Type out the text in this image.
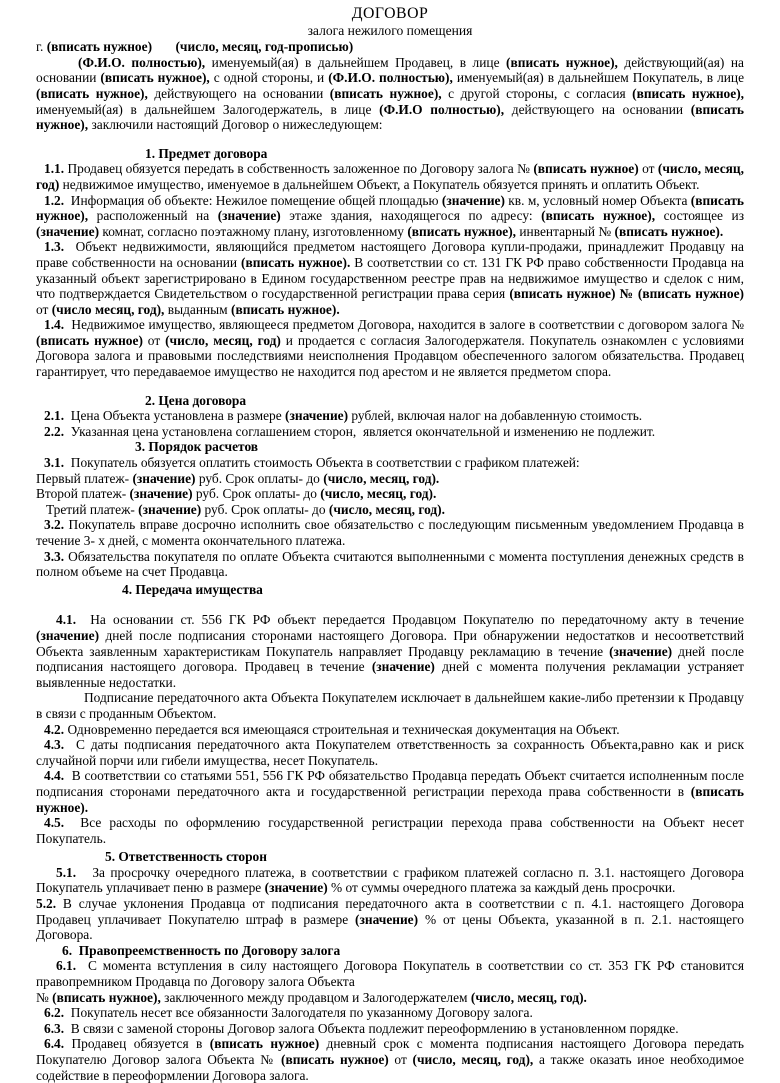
ДОГОВОР
залога нежилого помещения
г. (вписать нужное) (число, месяц, год-прописью)
(Ф.И.О. полностью), именуемый(ая) в дальнейшем Продавец, в лице (вписать нужное), действующий(ая) на основании (вписать нужное), с одной стороны, и (Ф.И.О. полностью), именуемый(ая) в дальнейшем Покупатель, в лице (вписать нужное), действующего на основании (вписать нужное), с другой стороны, с согласия (вписать нужное), именуемый(ая) в дальнейшем Залогодержатель, в лице (Ф.И.О полностью), действующего на основании (вписать нужное), заключили настоящий Договор о нижеследующем:
1. Предмет договора
1.1. Продавец обязуется передать в собственность заложенное по Договору залога № (вписать нужное) от (число, месяц, год) недвижимое имущество, именуемое в дальнейшем Объект, а Покупатель обязуется принять и оплатить Объект.
1.2.  Информация об объекте: Нежилое помещение общей площадью (значение) кв. м, условный номер Объекта (вписать нужное), расположенный на (значение) этаже здания, находящегося по адресу: (вписать нужное), состоящее из (значение) комнат, согласно поэтажному плану, изготовленному (вписать нужное), инвентарный № (вписать нужное).
1.3.  Объект недвижимости, являющийся предметом настоящего Договора купли-продажи, принадлежит Продавцу на праве собственности на основании (вписать нужное). В соответствии со ст. 131 ГК РФ право собственности Продавца на указанный объект зарегистрировано в Едином государственном реестре прав на недвижимое имущество и сделок с ним, что подтверждается Свидетельством о государственной регистрации права серия (вписать нужное) № (вписать нужное) от (число месяц, год), выданным (вписать нужное).
1.4.  Недвижимое имущество, являющееся предметом Договора, находится в залоге в соответствии с договором залога № (вписать нужное) от (число, месяц, год) и продается с согласия Залогодержателя. Покупатель ознакомлен с условиями Договора залога и правовыми последствиями неисполнения Продавцом обеспеченного залогом обязательства. Продавец гарантирует, что передаваемое имущество не находится под арестом и не является предметом спора.
2. Цена договора
2.1.  Цена Объекта установлена в размере (значение) рублей, включая налог на добавленную стоимость.
2.2.  Указанная цена установлена соглашением сторон,  является окончательной и изменению не подлежит.
3. Порядок расчетов
3.1.  Покупатель обязуется оплатить стоимость Объекта в соответствии с графиком платежей:
Первый платеж- (значение) руб. Срок оплаты- до (число, месяц, год).
Второй платеж- (значение) руб. Срок оплаты- до (число, месяц, год).
Третий платеж- (значение) руб. Срок оплаты- до (число, месяц, год).
3.2. Покупатель вправе досрочно исполнить свое обязательство с последующим письменным уведомлением Продавца в течение 3- х дней, с момента окончательного платежа.
3.3. Обязательства покупателя по оплате Объекта считаются выполненными с момента поступления денежных средств в полном объеме на счет Продавца.
4. Передача имущества
4.1.  На основании ст. 556 ГК РФ объект передается Продавцом Покупателю по передаточному акту в течение (значение) дней после подписания сторонами настоящего Договора. При обнаружении недостатков и несоответствий Объекта заявленным характеристикам Покупатель направляет Продавцу рекламацию в течение (значение) дней после подписания настоящего договора. Продавец в течение (значение) дней с момента получения рекламации устраняет выявленные недостатки.
Подписание передаточного акта Объекта Покупателем исключает в дальнейшем какие-либо претензии к Продавцу в связи с проданным Объектом.
4.2. Одновременно передается вся имеющаяся строительная и техническая документация на Объект.
4.3.  С даты подписания передаточного акта Покупателем ответственность за сохранность Объекта,равно как и риск случайной порчи или гибели имущества, несет Покупатель.
4.4.  В соответствии со статьями 551, 556 ГК РФ обязательство Продавца передать Объект считается исполненным после подписания сторонами передаточного акта и государственной регистрации перехода права собственности в (вписать нужное).
4.5.  Все расходы по оформлению государственной регистрации перехода права собственности на Объект несет Покупатель.
5. Ответственность сторон
5.1.   За просрочку очередного платежа, в соответствии с графиком платежей согласно п. 3.1. настоящего Договора Покупатель уплачивает пеню в размере (значение) % от суммы очередного платежа за каждый день просрочки.
5.2. В случае уклонения Продавца от подписания передаточного акта в соответствии с п. 4.1. настоящего Договора Продавец уплачивает Покупателю штраф в размере (значение) % от цены Объекта, указанной в п. 2.1. настоящего Договора.
6.  Правопреемственность по Договору залога
6.1.  С момента вступления в силу настоящего Договора Покупатель в соответствии со ст. 353 ГК РФ становится правопремником Продавца по Договору залога Объекта
№ (вписать нужное), заключенного между продавцом и Залогодержателем (число, месяц, год).
6.2.  Покупатель несет все обязанности Залогодателя по указанному Договору залога.
6.3.  В связи с заменой стороны Договор залога Объекта подлежит переоформлению в установленном порядке.
6.4. Продавец обязуется в (вписать нужное) дневный срок с момента подписания настоящего Договора передать Покупателю Договор залога Объекта № (вписать нужное) от (число, месяц, год), а также оказать иное необходимое содействие в переоформлении Договора залога.
